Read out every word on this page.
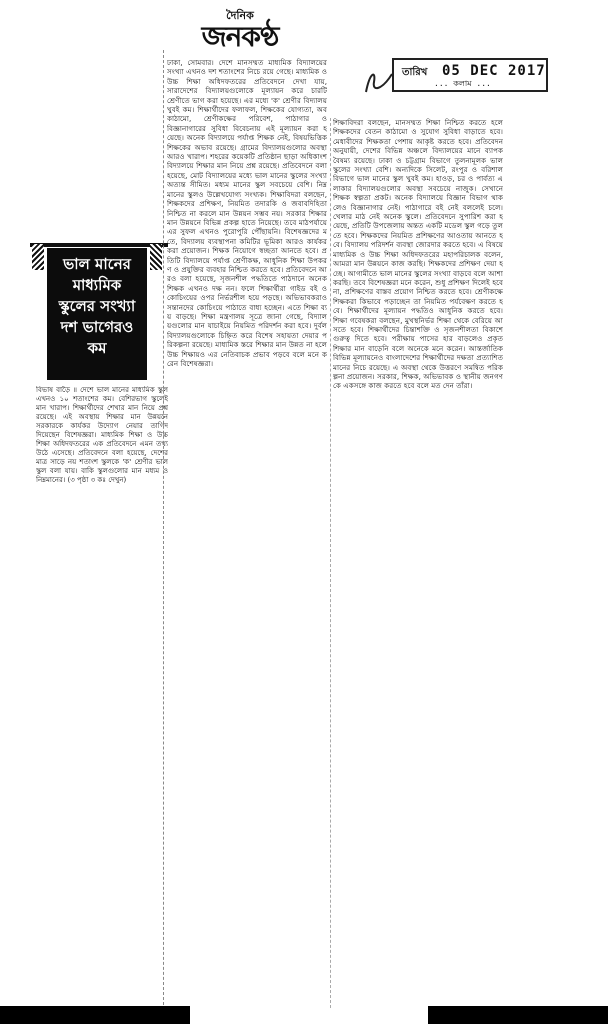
দৈনিক
জনকণ্ঠ
তারিখ 05 DEC 2017
... কলাম ...
ভাল মানের
মাধ্যমিক
স্কুলের সংখ্যা
দশ ভাগেরও
কম
বিভাষ বাড়ৈ ॥ দেশে ভাল মানের মাধ্যমিক স্কুল এখনও ১০ শতাংশের কম। বেশিরভাগ স্কুলেই মান খারাপ। শিক্ষার্থীদের শেখার মান নিয়ে প্রশ্ন রয়েছে। এই অবস্থায় শিক্ষার মান উন্নয়নে সরকারকে কার্যকর উদ্যোগ নেয়ার তাগিদ দিয়েছেন বিশেষজ্ঞরা। মাধ্যমিক শিক্ষা ও উচ্চ শিক্ষা অধিদফতরের এক প্রতিবেদনে এমন তথ্য উঠে এসেছে। প্রতিবেদনে বলা হয়েছে, দেশের মাত্র সাড়ে নয় শতাংশ স্কুলকে 'ক' শ্রেণীর ভাল স্কুল বলা যায়। বাকি স্কুলগুলোর মান মধ্যম ও নিম্নমানের। (৩ পৃষ্ঠা ৩ কঃ দেখুন)
ঢাকা, সোমবার। দেশে মানসম্মত মাধ্যমিক বিদ্যালয়ের সংখ্যা এখনও দশ শতাংশের নিচে রয়ে গেছে। মাধ্যমিক ও উচ্চ শিক্ষা অধিদফতরের প্রতিবেদনে দেখা যায়, সারাদেশের বিদ্যালয়গুলোকে মূল্যায়ন করে চারটি শ্রেণীতে ভাগ করা হয়েছে। এর মধ্যে 'ক' শ্রেণীর বিদ্যালয় খুবই কম। শিক্ষার্থীদের ফলাফল, শিক্ষকের যোগ্যতা, অবকাঠামো, শ্রেণীকক্ষের পরিবেশ, পাঠাগার ও বিজ্ঞানাগারের সুবিধা বিবেচনায় এই মূল্যায়ন করা হয়েছে। অনেক বিদ্যালয়ে পর্যাপ্ত শিক্ষক নেই, বিষয়ভিত্তিক শিক্ষকের অভাব রয়েছে। গ্রামের বিদ্যালয়গুলোর অবস্থা আরও খারাপ। শহরের কয়েকটি প্রতিষ্ঠান ছাড়া অধিকাংশ বিদ্যালয়ে শিক্ষার মান নিয়ে প্রশ্ন রয়েছে। প্রতিবেদনে বলা হয়েছে, মোট বিদ্যালয়ের মধ্যে ভাল মানের স্কুলের সংখ্যা অত্যন্ত সীমিত। মধ্যম মানের স্কুল সবচেয়ে বেশি। নিম্নমানের স্কুলও উল্লেখযোগ্য সংখ্যক। শিক্ষাবিদরা বলছেন, শিক্ষকদের প্রশিক্ষণ, নিয়মিত তদারকি ও জবাবদিহিতা নিশ্চিত না করলে মান উন্নয়ন সম্ভব নয়। সরকার শিক্ষার মান উন্নয়নে বিভিন্ন প্রকল্প হাতে নিয়েছে। তবে মাঠপর্যায়ে এর সুফল এখনও পুরোপুরি পৌঁছায়নি। বিশেষজ্ঞদের মতে, বিদ্যালয় ব্যবস্থাপনা কমিটির ভূমিকা আরও কার্যকর করা প্রয়োজন। শিক্ষক নিয়োগে স্বচ্ছতা আনতে হবে। প্রতিটি বিদ্যালয়ে পর্যাপ্ত শ্রেণীকক্ষ, আধুনিক শিক্ষা উপকরণ ও প্রযুক্তির ব্যবহার নিশ্চিত করতে হবে। প্রতিবেদনে আরও বলা হয়েছে, সৃজনশীল পদ্ধতিতে পাঠদানে অনেক শিক্ষক এখনও দক্ষ নন। ফলে শিক্ষার্থীরা গাইড বই ও কোচিংয়ের ওপর নির্ভরশীল হয়ে পড়ছে। অভিভাবকরাও সন্তানদের কোচিংয়ে পাঠাতে বাধ্য হচ্ছেন। এতে শিক্ষা ব্যয় বাড়ছে। শিক্ষা মন্ত্রণালয় সূত্রে জানা গেছে, বিদ্যালয়গুলোর মান যাচাইয়ে নিয়মিত পরিদর্শন করা হবে। দুর্বল বিদ্যালয়গুলোকে চিহ্নিত করে বিশেষ সহায়তা দেয়ার পরিকল্পনা রয়েছে। মাধ্যমিক স্তরে শিক্ষার মান উন্নত না হলে উচ্চ শিক্ষায়ও এর নেতিবাচক প্রভাব পড়বে বলে মনে করেন বিশেষজ্ঞরা।
শিক্ষাবিদরা বলছেন, মানসম্মত শিক্ষা নিশ্চিত করতে হলে শিক্ষকদের বেতন কাঠামো ও সুযোগ সুবিধা বাড়াতে হবে। মেধাবীদের শিক্ষকতা পেশায় আকৃষ্ট করতে হবে। প্রতিবেদন অনুযায়ী, দেশের বিভিন্ন অঞ্চলে বিদ্যালয়ের মানে ব্যাপক বৈষম্য রয়েছে। ঢাকা ও চট্টগ্রাম বিভাগে তুলনামূলক ভাল স্কুলের সংখ্যা বেশি। অন্যদিকে সিলেট, রংপুর ও বরিশাল বিভাগে ভাল মানের স্কুল খুবই কম। হাওড়, চর ও পার্বত্য এলাকার বিদ্যালয়গুলোর অবস্থা সবচেয়ে নাজুক। সেখানে শিক্ষক স্বল্পতা প্রকট। অনেক বিদ্যালয়ে বিজ্ঞান বিভাগ থাকলেও বিজ্ঞানাগার নেই। পাঠাগারে বই নেই বললেই চলে। খেলার মাঠ নেই অনেক স্কুলে। প্রতিবেদনে সুপারিশ করা হয়েছে, প্রতিটি উপজেলায় অন্তত একটি মডেল স্কুল গড়ে তুলতে হবে। শিক্ষকদের নিয়মিত প্রশিক্ষণের আওতায় আনতে হবে। বিদ্যালয় পরিদর্শন ব্যবস্থা জোরদার করতে হবে। এ বিষয়ে মাধ্যমিক ও উচ্চ শিক্ষা অধিদফতরের মহাপরিচালক বলেন, আমরা মান উন্নয়নে কাজ করছি। শিক্ষকদের প্রশিক্ষণ দেয়া হচ্ছে। আগামীতে ভাল মানের স্কুলের সংখ্যা বাড়বে বলে আশা করছি। তবে বিশেষজ্ঞরা মনে করেন, শুধু প্রশিক্ষণ দিলেই হবে না, প্রশিক্ষণের বাস্তব প্রয়োগ নিশ্চিত করতে হবে। শ্রেণীকক্ষে শিক্ষকরা কিভাবে পড়াচ্ছেন তা নিয়মিত পর্যবেক্ষণ করতে হবে। শিক্ষার্থীদের মূল্যায়ন পদ্ধতিও আধুনিক করতে হবে। শিক্ষা গবেষকরা বলছেন, মুখস্থনির্ভর শিক্ষা থেকে বেরিয়ে আসতে হবে। শিক্ষার্থীদের চিন্তাশক্তি ও সৃজনশীলতা বিকাশে গুরুত্ব দিতে হবে। পরীক্ষায় পাসের হার বাড়লেও প্রকৃত শিক্ষার মান বাড়েনি বলে অনেকে মনে করেন। আন্তর্জাতিক বিভিন্ন মূল্যায়নেও বাংলাদেশের শিক্ষার্থীদের দক্ষতা প্রত্যাশিত মানের নিচে রয়েছে। এ অবস্থা থেকে উত্তরণে সমন্বিত পরিকল্পনা প্রয়োজন। সরকার, শিক্ষক, অভিভাবক ও স্থানীয় জনগণকে একসঙ্গে কাজ করতে হবে বলে মত দেন তাঁরা।
